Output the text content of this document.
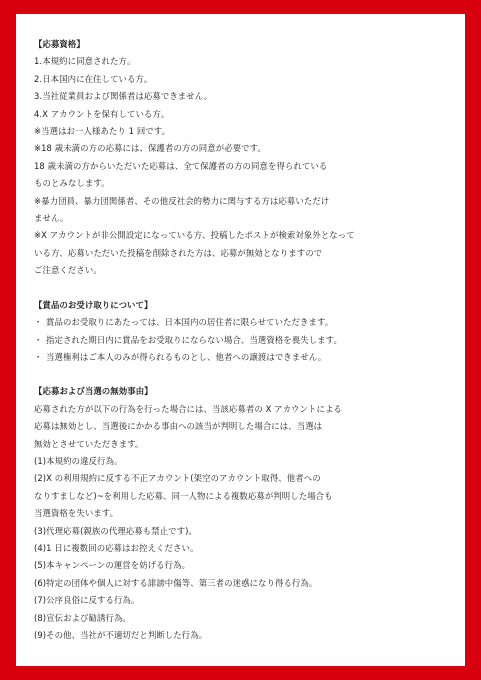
【応募資格】
1.本規約に同意された方。
2.日本国内に在住している方。
3.当社従業員および関係者は応募できません。
4.X アカウントを保有している方。
※当選はお一人様あたり 1 回です。
※18 歳未満の方の応募には、保護者の方の同意が必要です。
18 歳未満の方からいただいた応募は、全て保護者の方の同意を得られている
ものとみなします。
※暴力団員、暴力団関係者、その他反社会的勢力に関与する方は応募いただけ
ません。
※X アカウントが非公開設定になっている方、投稿したポストが検索対象外となって
いる方、応募いただいた投稿を削除された方は、応募が無効となりますので
ご注意ください。
【賞品のお受け取りについて】
・ 賞品のお受取りにあたっては、日本国内の居住者に限らせていただきます。
・ 指定された期日内に賞品をお受取りにならない場合、当選資格を喪失します。
・ 当選権利はご本人のみが得られるものとし、他者への譲渡はできません。
【応募および当選の無効事由】
応募された方が以下の行為を行った場合には、当該応募者の X アカウントによる
応募は無効とし、当選後にかかる事由への該当が判明した場合には、当選は
無効とさせていただきます。
(1)本規約の違反行為。
(2)X の利用規約に反する不正アカウント(架空のアカウント取得、他者への
なりすましなど)~を利用した応募、同一人物による複数応募が判明した場合も
当選資格を失います。
(3)代理応募(親族の代理応募も禁止です)。
(4)1 日に複数回の応募はお控えください。
(5)本キャンペーンの運営を妨げる行為。
(6)特定の団体や個人に対する誹謗中傷等、第三者の迷惑になり得る行為。
(7)公序良俗に反する行為。
(8)宣伝および勧誘行為。
(9)その他、当社が不適切だと判断した行為。
